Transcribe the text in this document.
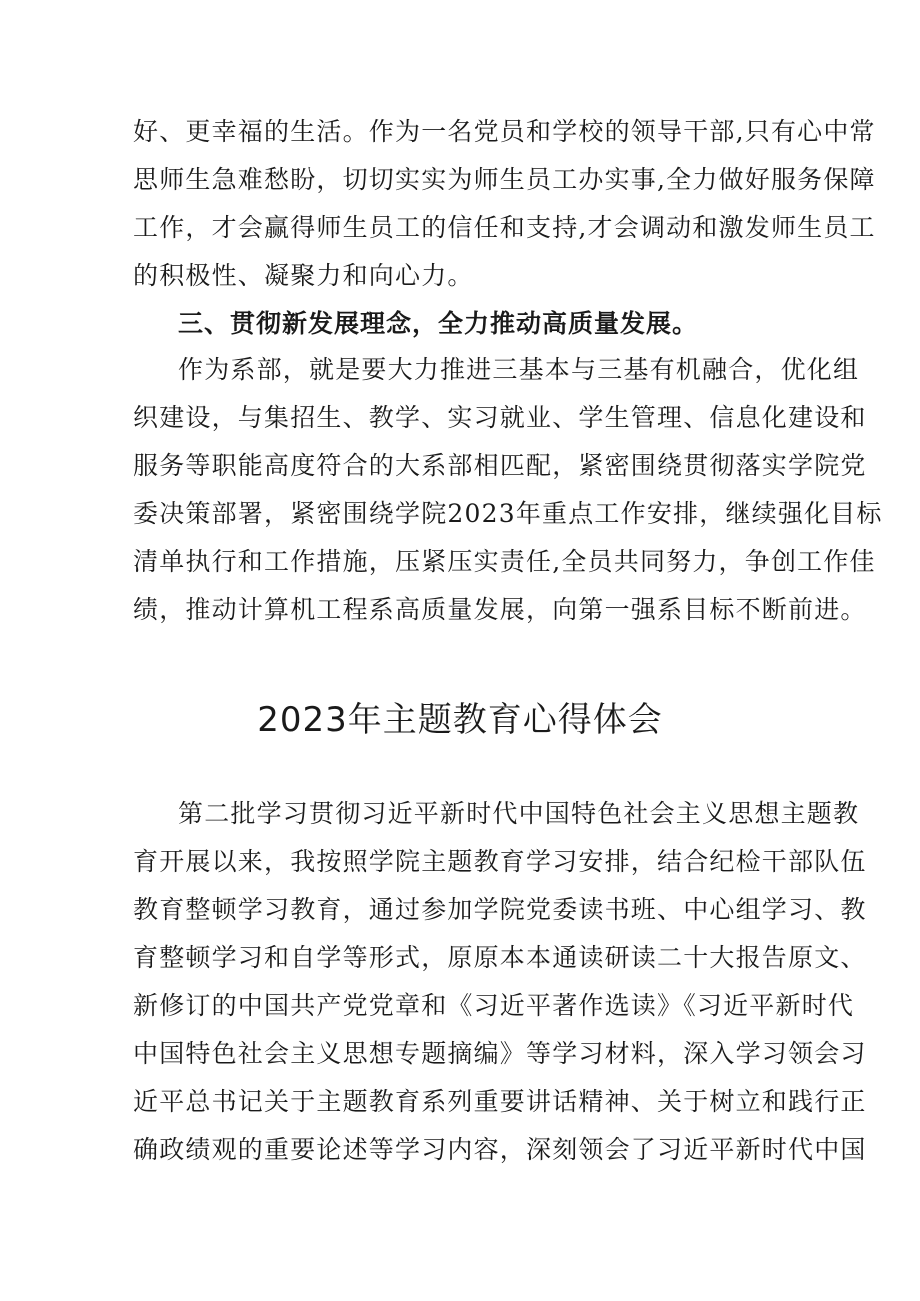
好、更幸福的生活。作为一名党员和学校的领导干部,只有心中常
思师生急难愁盼，切切实实为师生员工办实事,全力做好服务保障
工作，才会赢得师生员工的信任和支持,才会调动和激发师生员工
的积极性、凝聚力和向心力。
三、贯彻新发展理念，全力推动高质量发展。
作为系部，就是要大力推进三基本与三基有机融合，优化组
织建设，与集招生、教学、实习就业、学生管理、信息化建设和
服务等职能高度符合的大系部相匹配，紧密围绕贯彻落实学院党
委决策部署，紧密围绕学院2023年重点工作安排，继续强化目标
清单执行和工作措施，压紧压实责任,全员共同努力，争创工作佳
绩，推动计算机工程系高质量发展，向第一强系目标不断前进。
2023年主题教育心得体会
第二批学习贯彻习近平新时代中国特色社会主义思想主题教
育开展以来，我按照学院主题教育学习安排，结合纪检干部队伍
教育整顿学习教育，通过参加学院党委读书班、中心组学习、教
育整顿学习和自学等形式，原原本本通读研读二十大报告原文、
新修订的中国共产党党章和《习近平著作选读》《习近平新时代
中国特色社会主义思想专题摘编》等学习材料，深入学习领会习
近平总书记关于主题教育系列重要讲话精神、关于树立和践行正
确政绩观的重要论述等学习内容，深刻领会了习近平新时代中国
